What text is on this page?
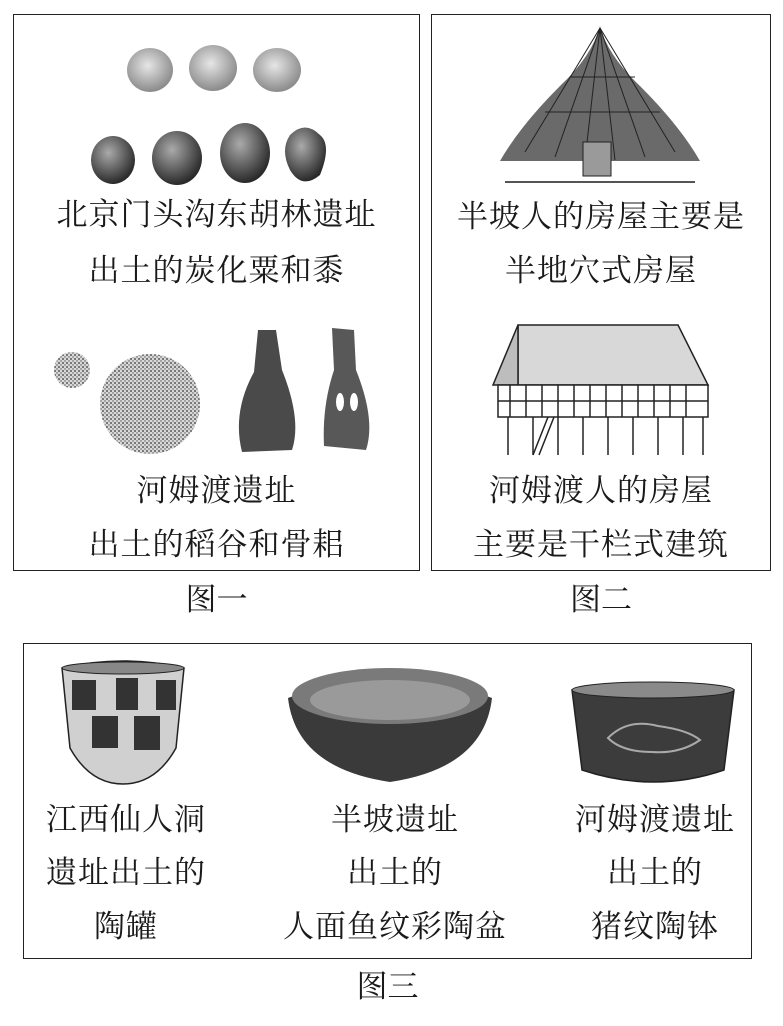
北京门头沟东胡林遗址
出土的炭化粟和黍
河姆渡遗址
出土的稻谷和骨耜
图一
半坡人的房屋主要是
半地穴式房屋
河姆渡人的房屋
主要是干栏式建筑
图二
江西仙人洞
遗址出土的
陶罐
半坡遗址
出土的
人面鱼纹彩陶盆
河姆渡遗址
出土的
猪纹陶钵
图三
